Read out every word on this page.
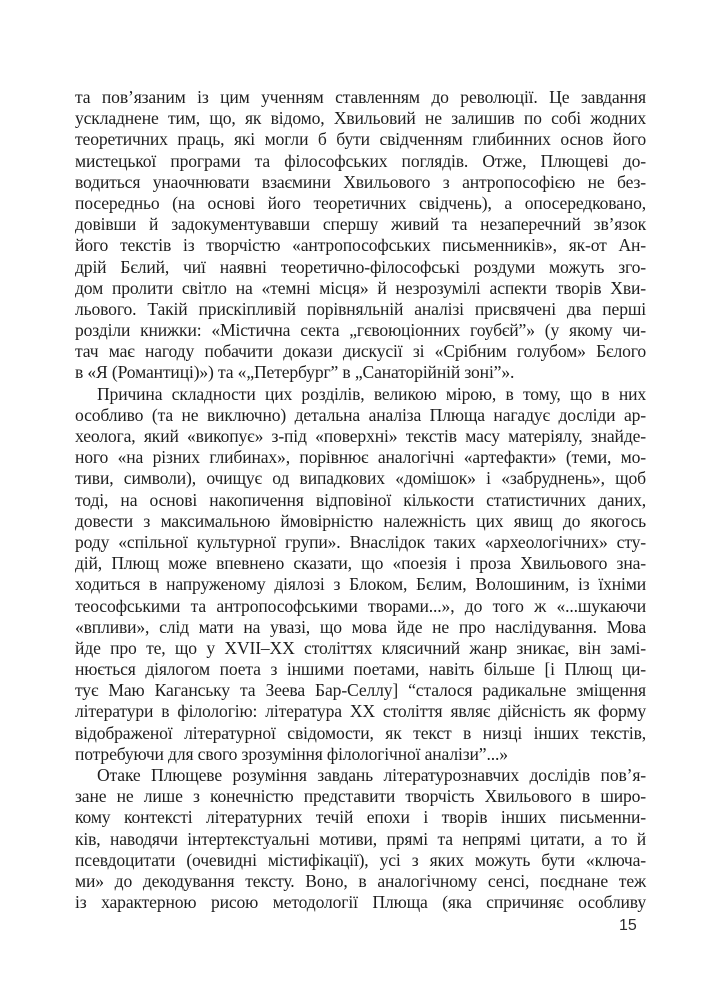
та пов’язаним із цим ученням ставленням до революції. Це завдання
ускладнене тим, що, як відомо, Хвильовий не залишив по собі жодних
теоретичних праць, які могли б бути свідченням глибинних основ його
мистецької програми та філософських поглядів. Отже, Плющеві до-
водиться унаочнювати взаємини Хвильового з антропософією не без-
посередньо (на основі його теоретичних свідчень), а опосередковано,
довівши й задокументувавши спершу живий та незаперечний зв’язок
його текстів із творчістю «антропософських письменників», як-от Ан-
дрій Бєлий, чиї наявні теоретично-філософські роздуми можуть зго-
дом пролити світло на «темні місця» й незрозумілі аспекти творів Хви-
льового. Такій прискіпливій порівняльній аналізі присвячені два перші
розділи книжки: «Містична секта „гєвоюціонних гоубєй”» (у якому чи-
тач має нагоду побачити докази дискусії зі «Срібним голубом» Бєлого
в «Я (Романтиці)») та «„Петербург” в „Санаторійній зоні”».
Причина складности цих розділів, великою мірою, в тому, що в них
особливо (та не виключно) детальна аналіза Плюща нагадує досліди ар-
хеолога, який «викопує» з-під «поверхні» текстів масу матеріялу, знайде-
ного «на різних глибинах», порівнює аналогічні «артефакти» (теми, мо-
тиви, символи), очищує од випадкових «домішок» і «забруднень», щоб
тоді, на основі накопичення відповіної кількости статистичних даних,
довести з максимальною ймовірністю належність цих явищ до якогось
роду «спільної культурної групи». Внаслідок таких «археологічних» сту-
дій, Плющ може впевнено сказати, що «поезія і проза Хвильового зна-
ходиться в напруженому діялозі з Блоком, Бєлим, Волошиним, із їхніми
теософськими та антропософськими творами...», до того ж «...шукаючи
«впливи», слід мати на увазі, що мова йде не про наслідування. Мова
йде про те, що у XVII–XX століттях клясичний жанр зникає, він замі-
нюється діялогом поета з іншими поетами, навіть більше [і Плющ ци-
тує Маю Каганську та Зеева Бар-Селлу] “сталося радикальне зміщення
літератури в філологію: література XX століття являє дійсність як форму
відображеної літературної свідомости, як текст в низці інших текстів,
потребуючи для свого зрозуміння філологічної аналізи”...»
Отаке Плющеве розуміння завдань літературознавчих дослідів пов’я-
зане не лише з конечністю представити творчість Хвильового в широ-
кому контексті літературних течій епохи і творів інших письменни-
ків, наводячи інтертекстуальні мотиви, прямі та непрямі цитати, а то й
псевдоцитати (очевидні містифікації), усі з яких можуть бути «ключа-
ми» до декодування тексту. Воно, в аналогічному сенсі, поєднане теж
із характерною рисою методології Плюща (яка спричиняє особливу
15
